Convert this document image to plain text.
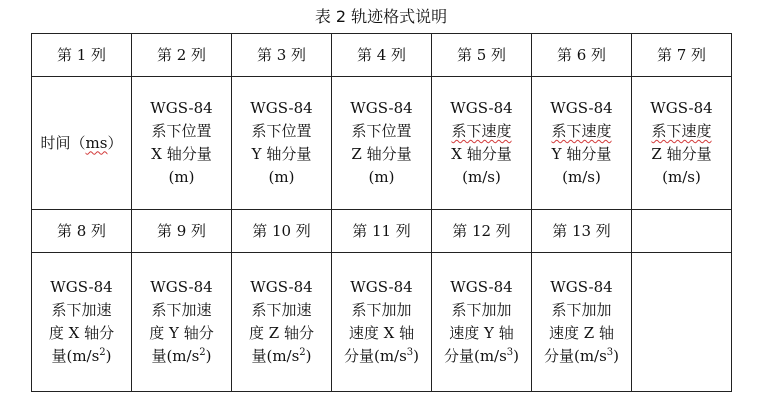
表 2 轨迹格式说明
第 1 列	第 2 列	第 3 列	第 4 列	第 5 列	第 6 列	第 7 列
时间（ms）	WGS-84
系下位置
X 轴分量
(m)	WGS-84
系下位置
Y 轴分量
(m)	WGS-84
系下位置
Z 轴分量
(m)	WGS-84
系下速度
X 轴分量
(m/s)	WGS-84
系下速度
Y 轴分量
(m/s)	WGS-84
系下速度
Z 轴分量
(m/s)
第 8 列	第 9 列	第 10 列	第 11 列	第 12 列	第 13 列	
WGS-84
系下加速
度 X 轴分
量$(m/s^2)$	WGS-84
系下加速
度 Y 轴分
量$(m/s^2)$	WGS-84
系下加速
度 Z 轴分
量$(m/s^2)$	WGS-84
系下加加
速度 X 轴
分量$(m/s^3)$	WGS-84
系下加加
速度 Y 轴
分量$(m/s^3)$	WGS-84
系下加加
速度 Z 轴
分量$(m/s^3)$	
